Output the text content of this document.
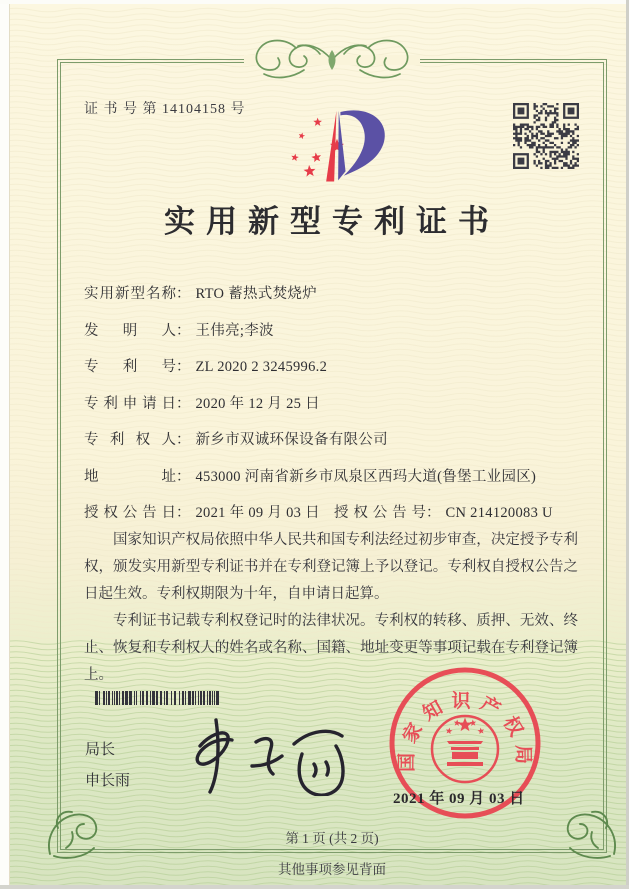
证 书 号 第 14104158 号
实用新型专利证书
实用新型名称： RTO 蓄热式焚烧炉
发明人： 王伟亮;李波
专利号： ZL 2020 2 3245996.2
专利申请日： 2020 年 12 月 25 日
专利权人： 新乡市双诚环保设备有限公司
地址： 453000 河南省新乡市凤泉区西玛大道(鲁堡工业园区)
授权公告日： 2021 年 09 月 03 日 授权公告号： CN 214120083 U

国家知识产权局依照中华人民共和国专利法经过初步审查，决定授予专利权，颁发实用新型专利证书并在专利登记簿上予以登记。专利权自授权公告之日起生效。专利权期限为十年，自申请日起算。

专利证书记载专利权登记时的法律状况。专利权的转移、质押、无效、终止、恢复和专利权人的姓名或名称、国籍、地址变更等事项记载在专利登记簿上。

局长
申长雨
国家知识产权局
2021 年 09 月 03 日
第 1 页 (共 2 页)
其他事项参见背面
